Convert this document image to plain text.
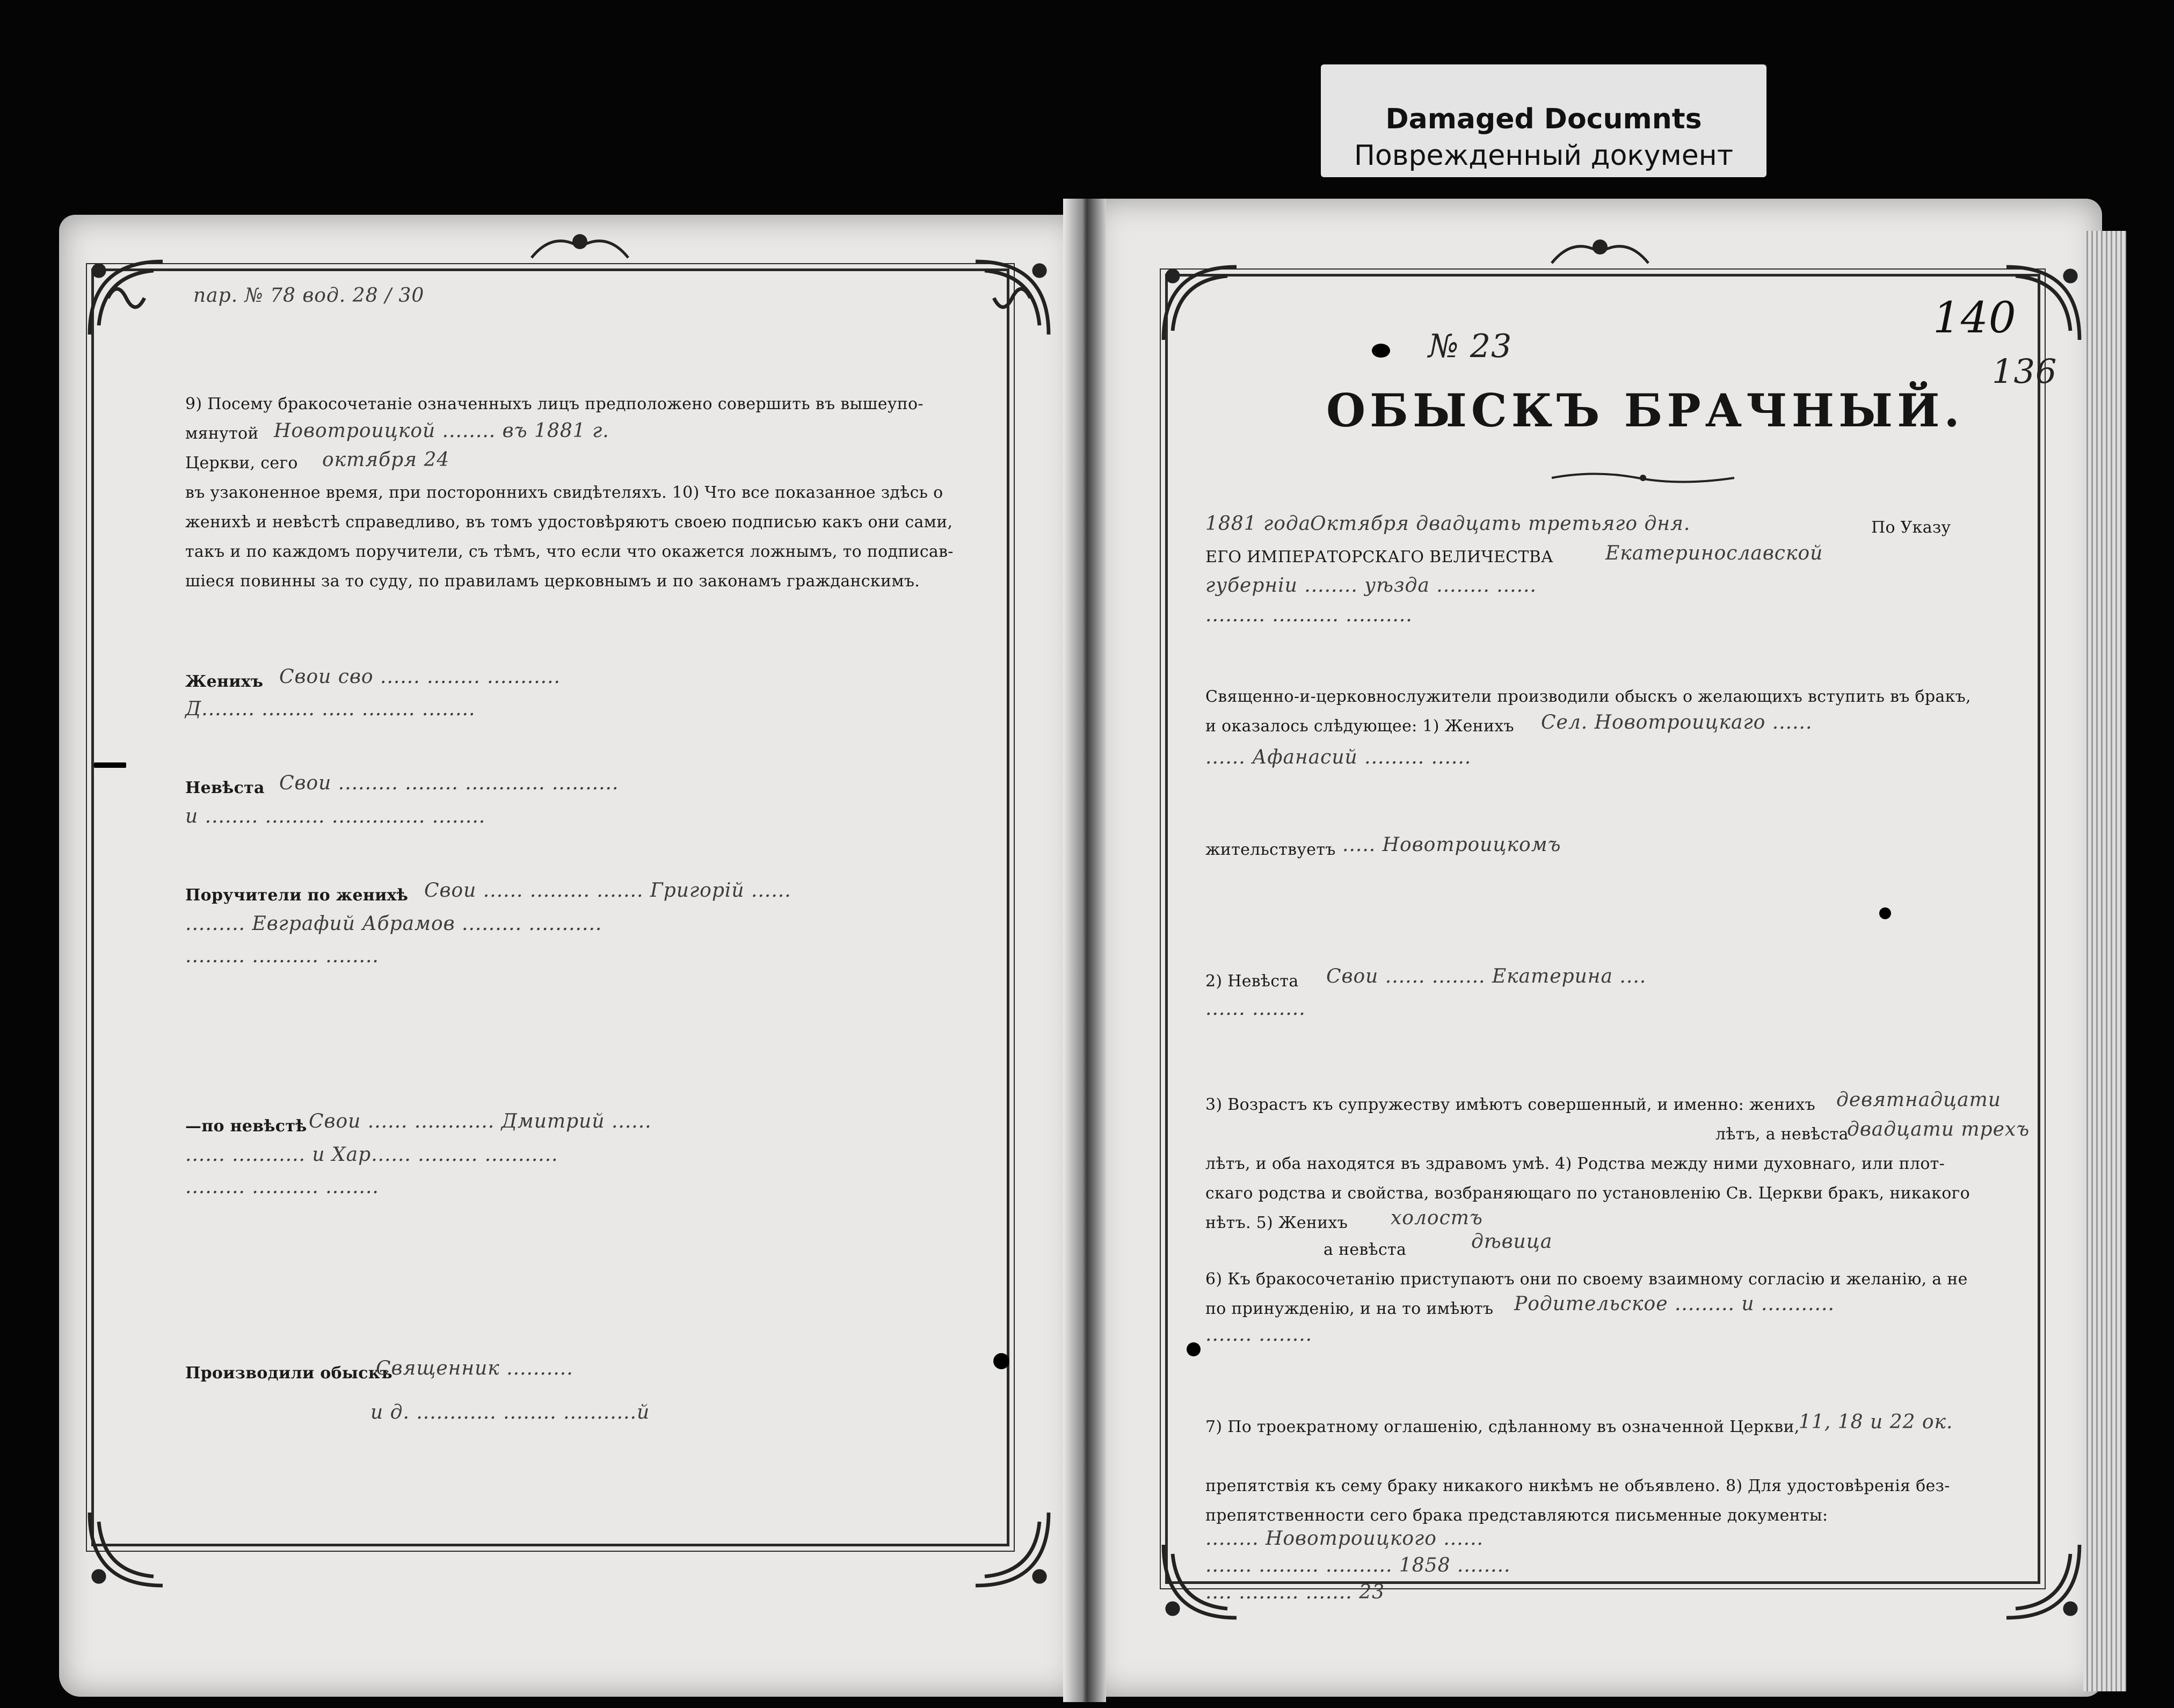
Damaged Documnts
Поврежденный документ
пар. № 78 вод. 28 / 30
9) Посему бракосочетаніе означенныхъ лицъ предположено совершить въ вышеупо-
мянутой Новотроицкой ........ въ 1881 г.
Церкви, сего октября 24
въ узаконенное время, при постороннихъ свидѣтеляхъ. 10) Что все показанное здѣсь о
женихѣ и невѣстѣ справедливо, въ томъ удостовѣряютъ своею подписью какъ они сами,
такъ и по каждомъ поручители, съ тѣмъ, что если что окажется ложнымъ, то подписав-
шіеся повинны за то суду, по правиламъ церковнымъ и по законамъ гражданскимъ.
Женихъ Свои сво ...... ........ ...........
Д........ ........ ..... ........ ........
Невѣста Свои ......... ........ ............ ..........
и ........ ......... .............. ........
Поручители по женихѣ Свои ...... ......... ....... Григорій ......
......... Евграфий Абрамов ......... ...........
......... .......... ........
—по невѣстѣ Свои ...... ............ Дмитрий ......
...... ........... и Хар...... ......... ...........
......... .......... ........
Производили обыскъ
Священник ..........
и д. ............ ........ ...........й
140
136
№ 23
ОБЫСКЪ БРАЧНЫЙ.
1881 года
Октября двадцать третьяго дня.	По Указу
ЕГО ИМПЕРАТОРСКАГО ВЕЛИЧЕСТВА	Екатеринославской
губерніи ........ уѣзда ........ ......
......... .......... ..........
Священно-и-церковнослужители производили обыскъ о желающихъ вступить въ бракъ,
и оказалось слѣдующее: 1) Женихъ Сел. Новотроицкаго ......
...... Афанасий ......... ......
жительствуетъ ..... Новотроицкомъ
2) Невѣста Свои ...... ........ Екатерина ....
...... ........
3) Возрастъ къ супружеству имѣютъ совершенный, и именно: женихъ девятнадцати
лѣтъ, а невѣста
двадцати трехъ
лѣтъ, и оба находятся въ здравомъ умѣ. 4) Родства между ними духовнаго, или плот-
скаго родства и свойства, возбраняющаго по установленію Св. Церкви бракъ, никакого
нѣтъ. 5) Женихъ холостъ
а невѣста	дѣвица
6) Къ бракосочетанію приступаютъ они по своему взаимному согласію и желанію, а не
по принужденію, и на то имѣютъ Родительское ......... и ...........
....... ........
7) По троекратному оглашенію, сдѣланному въ означенной Церкви,
11, 18 и 22 ок.
препятствія къ сему браку никакого никѣмъ не объявлено. 8) Для удостовѣренія без-
препятственности сего брака представляются письменные документы:
........ Новотроицкого ......
....... ......... .......... 1858 ........
.... ......... ....... 23
